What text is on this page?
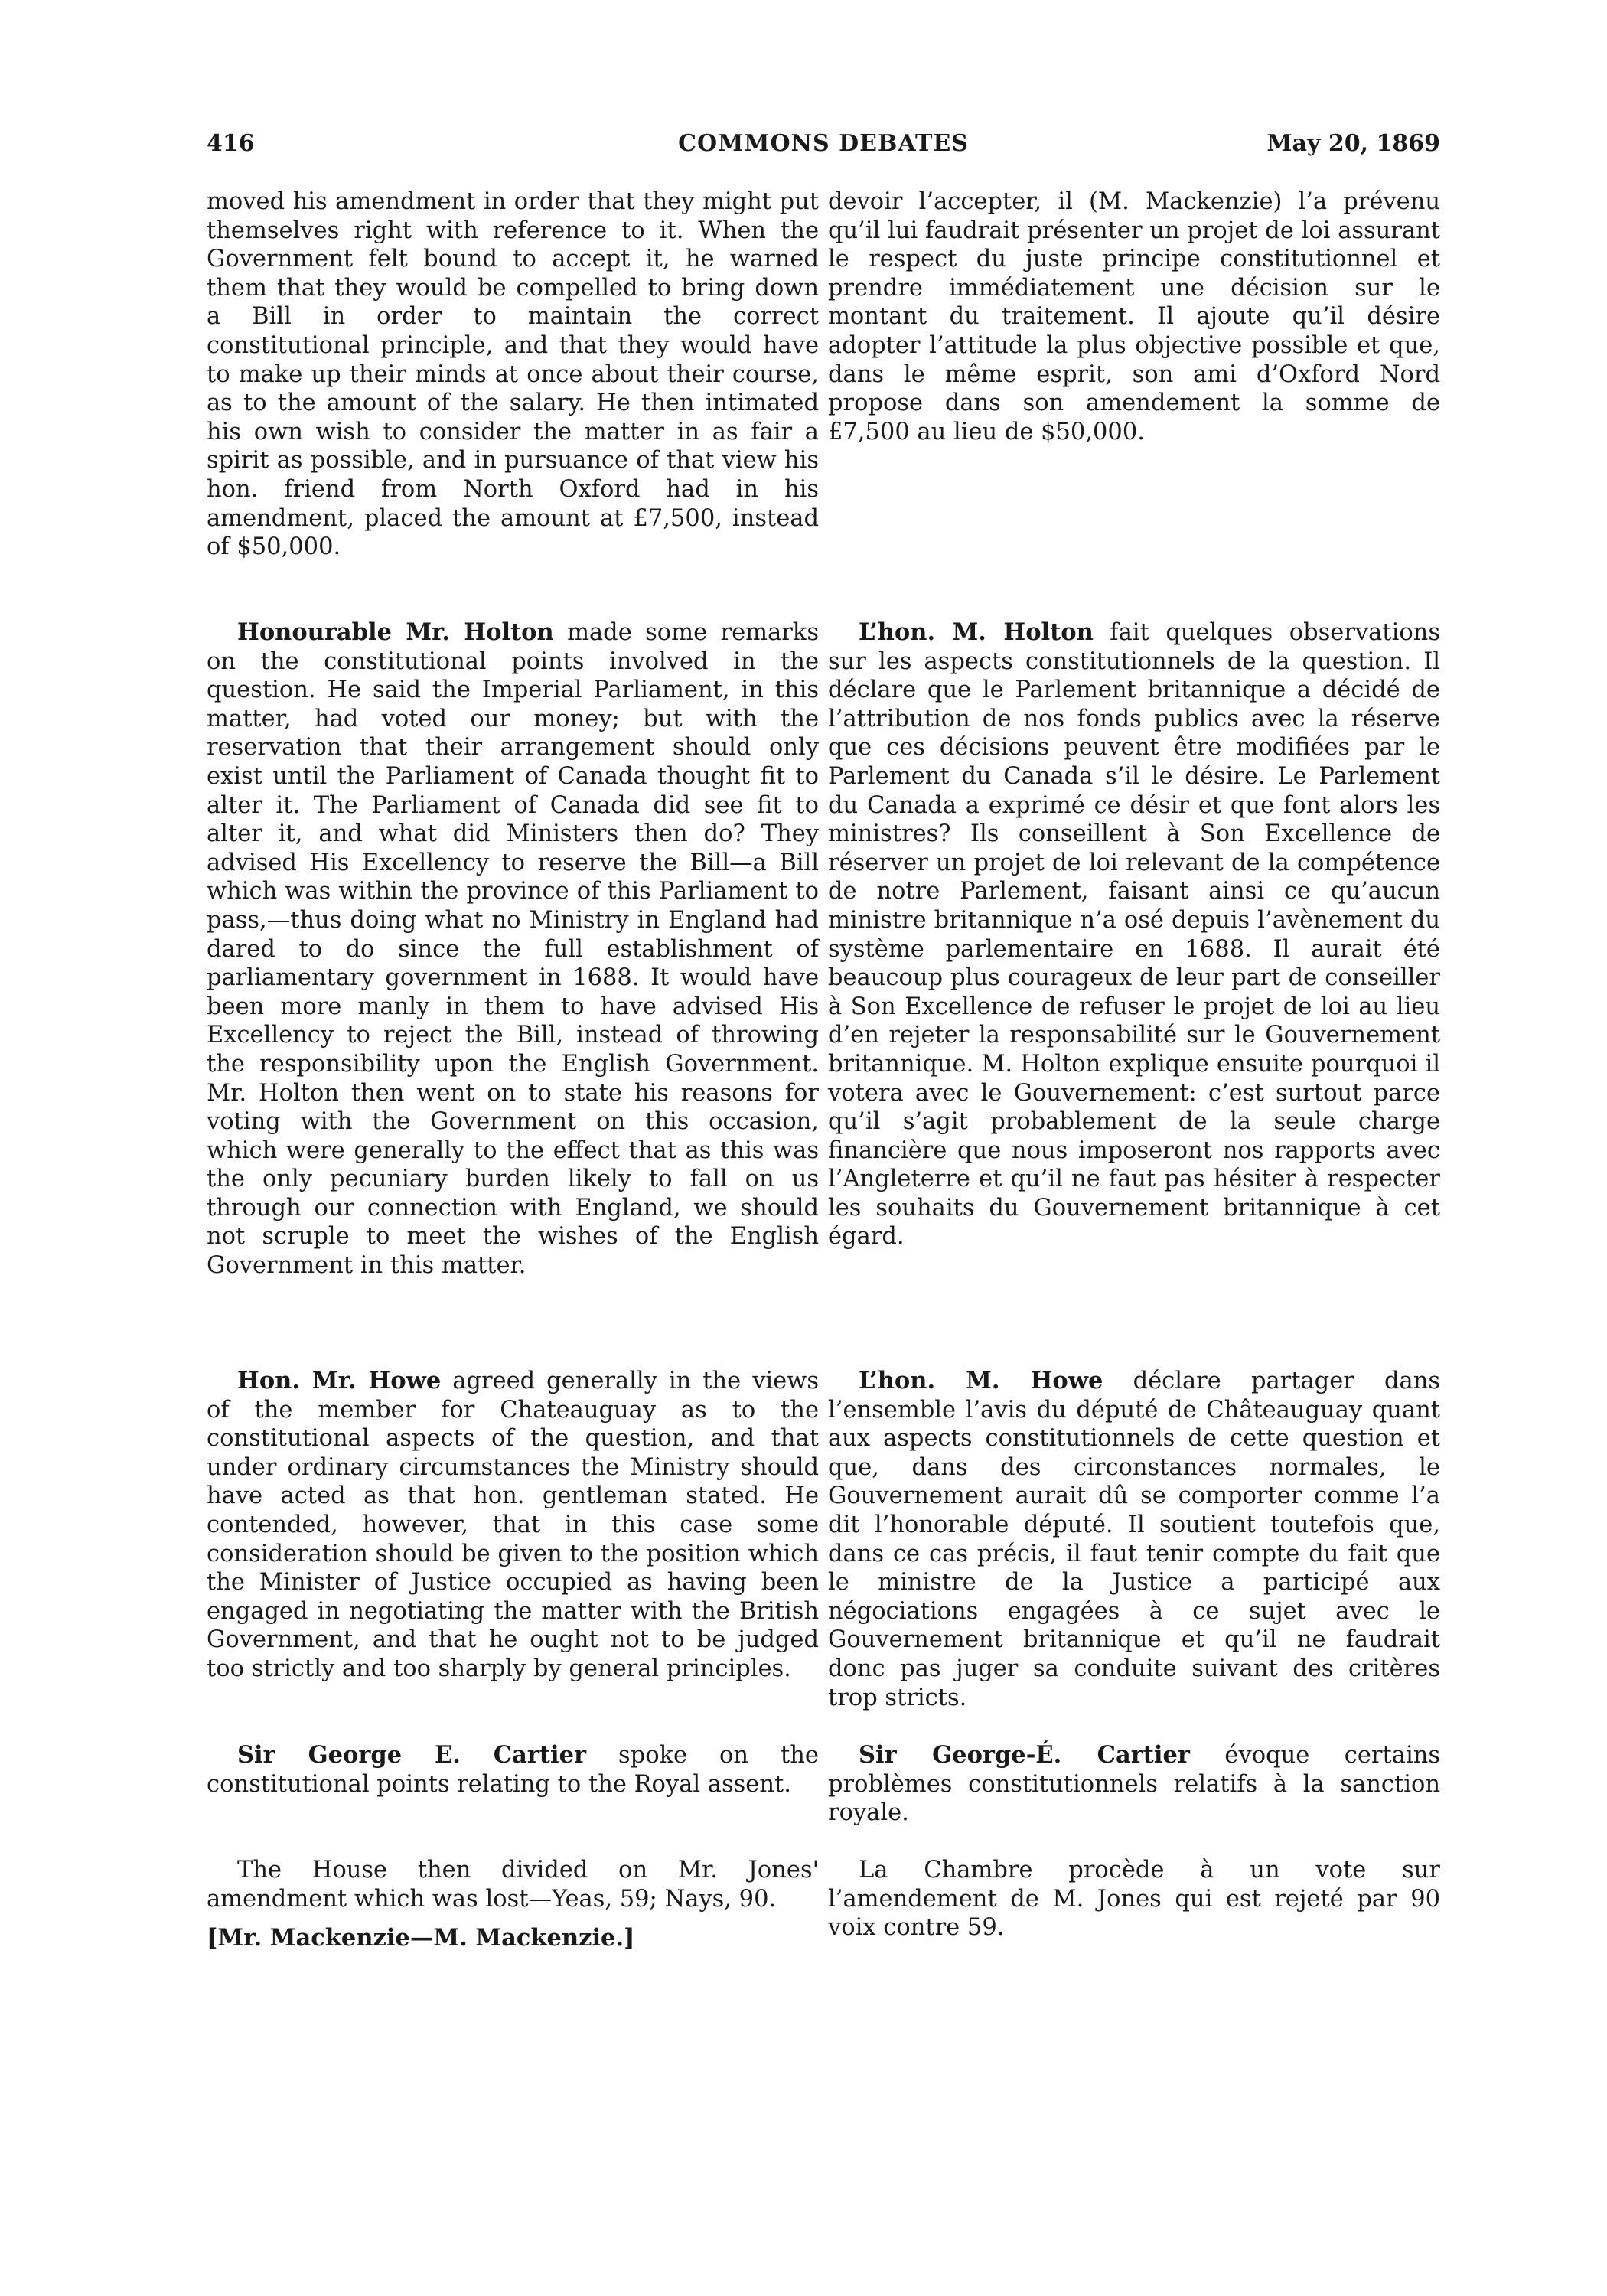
416	COMMONS DEBATES	May 20, 1869

moved his amendment in order that they might put themselves right with reference to it. When the Government felt bound to accept it, he warned them that they would be compelled to bring down a Bill in order to maintain the correct constitutional principle, and that they would have to make up their minds at once about their course, as to the amount of the salary. He then intimated his own wish to consider the matter in as fair a spirit as possible, and in pursuance of that view his hon. friend from North Oxford had in his amendment, placed the amount at £7,500, instead of $50,000.

Honourable Mr. Holton made some remarks on the constitutional points involved in the question. He said the Imperial Parliament, in this matter, had voted our money; but with the reservation that their arrangement should only exist until the Parliament of Canada thought fit to alter it. The Parliament of Canada did see fit to alter it, and what did Ministers then do? They advised His Excellency to reserve the Bill—a Bill which was within the province of this Parliament to pass,—thus doing what no Ministry in England had dared to do since the full establishment of parliamentary government in 1688. It would have been more manly in them to have advised His Excellency to reject the Bill, instead of throwing the responsibility upon the English Government. Mr. Holton then went on to state his reasons for voting with the Government on this occasion, which were generally to the effect that as this was the only pecuniary burden likely to fall on us through our connection with England, we should not scruple to meet the wishes of the English Government in this matter.

Hon. Mr. Howe agreed generally in the views of the member for Chateauguay as to the constitutional aspects of the question, and that under ordinary circumstances the Ministry should have acted as that hon. gentleman stated. He contended, however, that in this case some consideration should be given to the position which the Minister of Justice occupied as having been engaged in negotiating the matter with the British Government, and that he ought not to be judged too strictly and too sharply by general principles.

Sir George E. Cartier spoke on the constitutional points relating to the Royal assent.

The House then divided on Mr. Jones' amendment which was lost—Yeas, 59; Nays, 90.

[Mr. Mackenzie—M. Mackenzie.]

devoir l’accepter, il (M. Mackenzie) l’a prévenu qu’il lui faudrait présenter un projet de loi assurant le respect du juste principe constitutionnel et prendre immédiatement une décision sur le montant du traitement. Il ajoute qu’il désire adopter l’attitude la plus objective possible et que, dans le même esprit, son ami d’Oxford Nord propose dans son amendement la somme de £7,500 au lieu de $50,000.

L’hon. M. Holton fait quelques observations sur les aspects constitutionnels de la question. Il déclare que le Parlement britannique a décidé de l’attribution de nos fonds publics avec la réserve que ces décisions peuvent être modifiées par le Parlement du Canada s’il le désire. Le Parlement du Canada a exprimé ce désir et que font alors les ministres? Ils conseillent à Son Excellence de réserver un projet de loi relevant de la compétence de notre Parlement, faisant ainsi ce qu’aucun ministre britannique n’a osé depuis l’avènement du système parlementaire en 1688. Il aurait été beaucoup plus courageux de leur part de conseiller à Son Excellence de refuser le projet de loi au lieu d’en rejeter la responsabilité sur le Gouvernement britannique. M. Holton explique ensuite pourquoi il votera avec le Gouvernement: c’est surtout parce qu’il s’agit probablement de la seule charge financière que nous imposeront nos rapports avec l’Angleterre et qu’il ne faut pas hésiter à respecter les souhaits du Gouvernement britannique à cet égard.

L’hon. M. Howe déclare partager dans l’ensemble l’avis du député de Châteauguay quant aux aspects constitutionnels de cette question et que, dans des circonstances normales, le Gouvernement aurait dû se comporter comme l’a dit l’honorable député. Il soutient toutefois que, dans ce cas précis, il faut tenir compte du fait que le ministre de la Justice a participé aux négociations engagées à ce sujet avec le Gouvernement britannique et qu’il ne faudrait donc pas juger sa conduite suivant des critères trop stricts.

Sir George-É. Cartier évoque certains problèmes constitutionnels relatifs à la sanction royale.

La Chambre procède à un vote sur l’amendement de M. Jones qui est rejeté par 90 voix contre 59.
